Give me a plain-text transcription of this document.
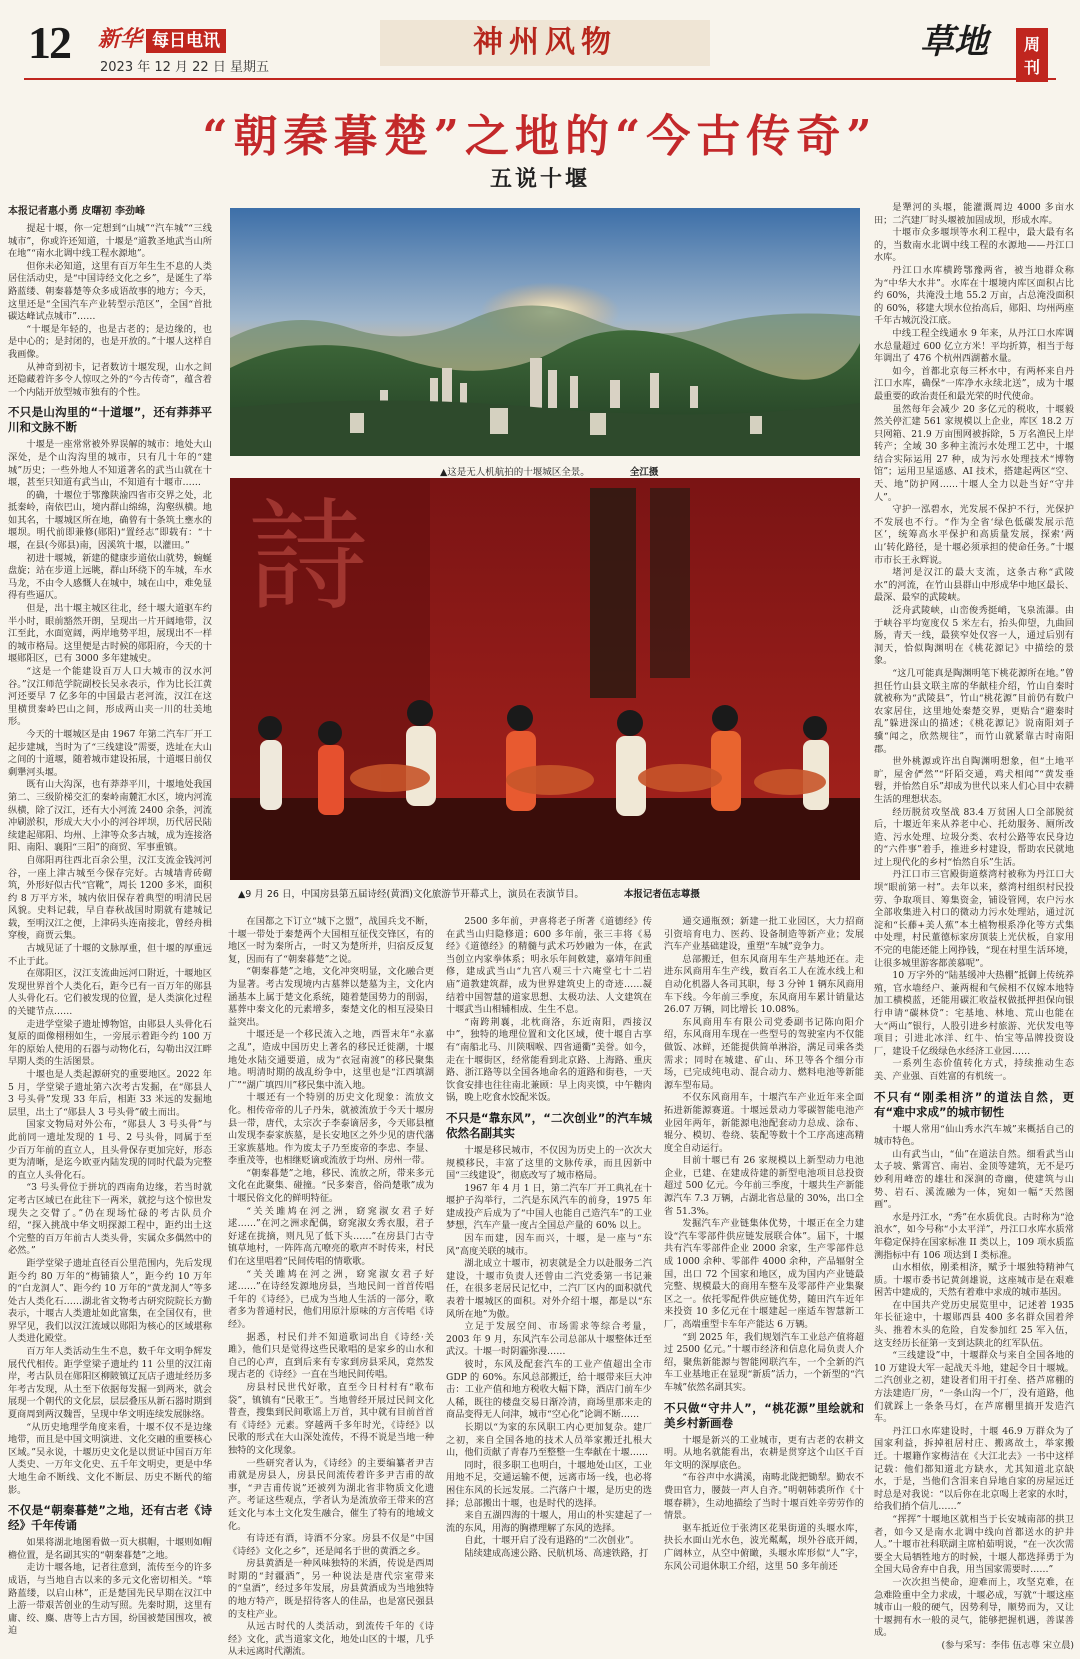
12 新华 每日电讯
2023 年 12 月 22 日 星期五
神州风物	草地	周刊
“朝秦暮楚”之地的“今古传奇”
五说十堰
本报记者惠小勇 皮曙初 李劲峰

提起十堰，你一定想到“山城”“汽车城”“三线城市”，你或许还知道，十堰是“道教圣地武当山所在地”“南水北调中线工程水源地”。

但你未必知道，这里有百万年生生不息的人类居住活动史，是“中国诗经文化之乡”，是诞生了举路蓝缕、朝秦暮楚等众多成语故事的地方；今天，这里还是“全国汽车产业转型示范区”，全国“首批碳达峰试点城市”……

“十堰是年轻的，也是古老的；是边缘的，也是中心的；是封闭的，也是开放的。”十堰人这样自我画像。

从神奇到初卡，记者数访十堰发现，山水之间还隐藏着许多令人惊叹之外的“今古传奇”，蕴含着一个内陆开放型城市独有的个性。

不只是山沟里的“十道堰”，还有莽莽平川和文脉不断

十堰是一座常常被外界误解的城市：地处大山深处，是个山沟沟里的城市，只有几十年的“建城”历史；一些外地人不知道著名的武当山就在十堰，甚至只知道有武当山，不知道有十堰市……

的确，十堰位于鄂豫陕渝四省市交界之处，北抵秦岭，南依巴山，境内群山绵绵，沟壑纵横。地如其名，十堰城区所在地，确曾有十条筑土壅水的堰坝。明代前即兼修(郧阳)“置经志”即载有：“十堰，在县(今郧县)南，因溪筑十堰，以灌田。”

初进十堰城，新建的健康步道依山就势，蜿蜒盘旋；站在步道上远眺，群山环绕下的车城，车水马龙，不由令人感慨人在城中，城在山中，难免显得有些逼仄。

但是，出十堰主城区往北，经十堰大道驱车约半小时，眼前豁然开朗，呈现出一片开阔地带，汉江至此，水面宽阔，两岸地势平坦，展现出不一样的城市格局。这里便是古时候的郧阳府，今天的十堰郧阳区，已有 3000 多年建城史。

“这是一个能建设百万人口大城市的汉水河谷。”汉江师范学院副校长吴永表示，作为比长江黄河还要早 7 亿多年的中国最古老河流，汉江在这里横贯秦岭巴山之间，形成两山夹一川的壮美地形。

今天的十堰城区是由 1967 年第二汽车厂开工起步建城，当时为了“三线建设”需要，选址在大山之间的十道堰，随着城市建设拓展，十道堰日前仅剩犟河头堰。

既有山大沟深，也有莽莽平川，十堰地处我国第二、三级阶梯交汇的秦岭南麓汇水区，境内河流纵横，除了汉江，还有大小河流 2400 余条，河流冲刷淤积，形成大大小小的河谷坪坝，历代居民陆续建起郧阳、均州、上津等众多古城，成为连接洛阳、南阳、襄阳“三阳”的商贸、军事重镇。

自郧阳再往西北百余公里，汉江支流金钱河河谷，一座上津古城至今保存完好。古城墙青砖砌筑，外形好似古代“官靴”，周长 1200 多米，面积约 8 万平方米，城内依旧保存着典型的明清民居风貌。史料记载，早自春秋战国时期就有建城记载，至明汉江之便，上津码头连南接北，曾经舟楫穿梭，商贾云集。

古城见证了十堰的文脉厚重，但十堰的厚重远不止于此。

在郧阳区，汉江支流曲远河口附近，十堰地区发现世界首个人类化石，距今已有一百万年的郧县人头骨化石。它们被发现的位置，是人类演化过程的关键节点……

走进学堂梁子遗址博物馆，由郧县人头骨化石复原的面像栩栩如生，一旁展示着距今约 100 万年的原始人使用的石器与动物化石，勾勒出汉江畔早期人类的生活图景。

十堰也是人类起源研究的重要地区。2022 年 5 月，学堂梁子遗址第六次考古发掘，在“郧县人 3 号头骨”发现 33 年后，相距 33 米远的发掘地层里，出土了“郧县人 3 号头骨”破土而出。

国家文物局对外公布，“郧县人 3 号头骨”与此前同一遗址发现的 1 号、2 号头骨，同属于至少百万年前的直立人，且头骨保存更加完好，形态更为清晰，是迄今欧亚内陆发现的同时代最为完整的直立人头骨化石。

“3 号头骨位于拼坑的西南角边缘，若当时就定考古区域已在此往下一两米，就挖与这个惊世发现失之交臂了。”仍在现场忙碌的考古队员介绍，“探入挑战中华文明探源工程中，距约出土这个完整的百万年前古人类头骨，实属众多偶然中的必然。”

距学堂梁子遗址直径百公里范围内，先后发现距今约 80 万年的“梅铺猿人”，距今约 10 万年的“白龙洞人”、距今约 10 万年的“黄龙洞人”等多处古人类化石……湖北省文物考古研究院院长方勤表示，十堰古人类遗址如此富集，在全国仅有，世界罕见，我们以汉江流域以郧阳为核心的区域堪称人类进化殿堂。

百万年人类活动生生不息，数千年文明争辉发展代代相传。距学堂梁子遗址约 11 公里的汉江南岸，考古队员在郧阳区柳陂镇辽瓦店子遗址经历多年考古发现，从土至下依据每发掘一到两米，就会展现一个朝代的文化层，层层叠压从新石器时期到夏商周到两汉魏晋，呈现中华文明连续发展脉络。

“从历史地理学角度来看，十堰不仅不是边缘地带，而且是中国文明演进、文化交融的重要核心区域。”吴永说，十堰历史文化是以贯证中国百万年人类史、一万年文化史、五千年文明史，更是中华大地生命不断线、文化不断层、历史不断代的缩影。

不仅是“朝秦暮楚”之地，还有古老《诗经》千年传诵

如果将湖北地图看做一页大棋帽，十堰则如帽檐位置，是名副其实的“朝秦暮楚”之地。

走访十堰各地，记者往意到，流传至今的许多成语，与当地自古以来的多元文化密切相关。“筚路蓝缕，以启山林”，正是楚国先民早期在汉江中上游一带艰苦创业的生动写照。先秦时期，这里有庸、绞、麋、唐等上古方国，纷国被楚国围攻，被迫

▲这是无人机航拍的十堰城区全景。	全江摄
詩
▲9 月 26 日，中国房县第五届诗经(黄酒)文化旅游节开幕式上，演员在表演节目。	本报记者伍志尊摄

在国都之下订立“城下之盟”，战国兵戈不断，十堰一带处于秦楚两个大国相互征伐交锋区，有的地区一时为秦所占，一时又为楚所并，归宿反反复复，因而有了“朝秦暮楚”之说。

“朝秦暮楚”之地，文化冲突明显，文化融合更为显著。考古发现境内古墓葬以楚墓为主，文化内涵基本上属于楚文化系统，随着楚国势力的削弱，墓葬中秦文化的元素增多，秦楚文化的相互浸染日益突出。

十堰还是一个移民流入之地，西晋末年“永嘉之乱”，造成中国历史上著名的移民迁徙潮，十堰地处水陆交通要道，成为“衣冠南渡”的移民聚集地。明清时期的战乱纷争中，这里也是“江西填湖广”“湖广填四川”移民集中流入地。

十堰还有一个特别的历史文化现象：流放文化。相传帝帝的儿子丹朱，就被流放于今天十堰房县一带，唐代，太宗次子李泰谪居多，今天郧县檀山发现李泰家族墓，是长安地区之外少见的唐代藩王家族墓地。作为废太子乃至废帝的李忠、李显、李重茂等，也相继贬谪或流放于均州、房州一带。

“朝秦暮楚”之地，移民、流放之所，带来多元文化在此聚集、碰撞。“民多秦音，俗尚楚歌”成为十堰民俗文化的鲜明特征。

“关关雎鸠在河之洲，窈窕淑女君子好逑……”在河之洲求配偶，窈窕淑女秀衣服，君子好逑在拢摘，则凡见了低下头……”在房县门古寺镇草地村，一阵阵高亢嘹亮的歌声不时传来，村民们在这里唱着“民间传唱的情歌歌。

“关关雎鸠在河之洲，窈窕淑女君子好逑……”在诗经发源地房县，当地民间一首首传唱千年的《诗经》，已成为当地人生活的一部分，歌者多为普通村民，他们用原汁原味的方言传唱《诗经》。

据悉，村民们并不知道歌词出自《诗经·关雎》，他们只是觉得这些民歌唱的是家乡的山水和自己的心声，直到后来有专家到房县采风，竟然发现古老的《诗经》一直在当地民间传唱。

房县村民世代好歌，直至今日村村有“歌布袋”，镇镇有“民歌王”。当地曾经开展过民间文化普查，搜集到民间歌谣上万首，其中就有目前首首有《诗经》元素。穿越两千多年时光，《诗经》以民歌的形式在大山深处流传，不得不说是当地一种独特的文化现象。

一些研究者认为，《诗经》的主要编纂者尹吉甫就是房县人，房县民间流传着许多尹吉甫的故事，“尹吉甫传说”还被列为湖北省非物质文化遗产。考证这些观点，学者认为是流放帝王带来的宫廷文化与本土文化发生融合，催生了特有的地域文化。

有诗还有酒，诗酒不分家。房县不仅是“中国《诗经》文化之乡”，还是闻名于世的黄酒之乡。

房县黄酒是一种风味独特的米酒，传说是西周时期的“封疆酒”，另一种说法是唐代宗室带来的“皇酒”，经过多年发展，房县黄酒成为当地独特的地方特产，既是招待客人的佳品，也是富民强县的支柱产业。

从远古时代的人类活动，到流传千年的《诗经》文化，武当道家文化，地处山区的十堰，几乎从未远离时代潮流。

2500 多年前，尹喜将老子所著《道德经》传在武当山归隐修道；600 多年前，张三丰将《易经》《道德经》的精髓与武术巧妙融为一体，在武当创立内家拳体系；明永乐年间敕建，嘉靖年间重修，建成武当山“九宫八观三十六庵堂七十二岩庙”道教建筑群，成为世界建筑史上的奇迹……凝结着中国智慧的道家思想、太极功法、人文建筑在十堰武当山相辅相成、生生不息。

“南跨荆襄，北枕商洛，东近南阳，西接汉中”，独特的地理位置和文化区域，使十堰自古享有“南船北马、川陕咽喉、四省通衢”美誉。如今，走在十堰街区，经常能看到北京路、上海路、重庆路、浙江路等以全国各地命名的道路和街巷，一天饮食安排也往往南北兼顾：早上肉夹馍，中午糖肉锅，晚上吃食水饺配米饭。

不只是“靠东风”，“二次创业”的汽车城依然名副其实

十堰是移民城市，不仅因为历史上的一次次大规模移民，丰富了这里的文脉传承，而且因新中国“三线建设”，彻底改写了城市格局。

1967 年 4 月 1 日，第二汽车厂开工典礼在十堰护子沟举行，二汽是东风汽车的前身，1975 年建成投产后成为了“中国人也能自己造汽车”的工业梦想，汽车产量一度占全国总产量的 60% 以上。

因车而建，因车而兴，十堰，是一座与“东风”高度关联的城市。

湖北成立十堰市，初衷就是全力以赴服务二汽建设，十堰市负责人还曾由二汽党委第一书记兼任，在很多老居民记忆中，二汽厂区内的面积就代表着十堰城区的面积。对外介绍十堰，都是以“东风所在地”为傲。

立足于发展空间、市场需求等综合考量，2003 年 9 月，东风汽车公司总部从十堰整体迁至武汉。十堰一时阴霾弥漫……

彼时，东风及配套汽车的工业产值超出全市 GDP 的 60%。东风总部搬迁，给十堰带来巨大冲击：工业产值和地方税收大幅下降，酒店门前车少人稀，既往的楼盘交易日渐冷清，商场里那来走的商品变得无人问津，城市“空心化”论调不断……

长期以“为家的东风职工内心更加复杂。建厂之初，来自全国各地的技术人员举家搬迁扎根大山，他们贡献了青春乃至整整一生奉献在十堰……

同时，很多职工也明白，十堰地处山区，工业用地不足，交通运输不便，远离市场一线，也必将困住东风的长远发展。二汽落户十堰，是历史的选择；总部搬出十堰，也是时代的选择。

来自五湖四海的十堰人，用山的朴实建起了一流的东风，用海的胸襟理解了东风的选择。

自此，十堰开启了没有退路的“二次创业”。

陆续建成高速公路、民航机场、高速铁路，打

通交通瓶颈；新建一批工业园区，大力招商引资培育电力、医药、设备制造等新产业；发展汽车产业基础建设，重塑“车城”竞争力。

总部搬迁，但东风商用车生产基地还在。走进东风商用车生产线，数百名工人在流水线上和自动化机器人各司其职，每 3 分钟 1 辆东风商用车下线。今年前三季度，东风商用车累计销量达 26.07 万辆，同比增长 10.08%。

东风商用车有限公司党委副书记陈向阳介绍，东风商用车现在一些型号的驾驶室内不仅能做饭、冰鲜，还能提供简单淋浴，满足司乘各类需求；同时在城建、矿山、环卫等各个细分市场，已完成纯电动、混合动力、燃料电池等新能源车型布局。

不仅东风商用车，十堰汽车产业近年来全面拓进新能源赛道。十堰远景动力零碳智能电池产业园年两年，新能源电池配套动力总成、涂布、辊分、模切、卷绕、装配等数十个工序高速高精度全自动运行。

目前十堰已有 26 家规模以上新型动力电池企业，已建、在建成待建的新型电池项目总投资超过 500 亿元。今年前三季度，十堰共生产新能源汽车 7.3 万辆，占湖北省总量的 30%，出口全省 51.3%。

发掘汽车产业链集体优势，十堰正在全力建设“汽车零部件供应链发展联合体”。届下，十堰共有汽车零部件企业 2000 余家，生产零部件总成 1000 余种、零部件 4000 余种，产品辐射全国，出口 72 个国家和地区，成为国内产业链最完整、规模最大的商用车整车及零部件产业集聚区之一。依托零配件供应链优势，随田汽车近年来投资 10 多亿元在十堰建起一座适车智慧新工厂，高端重型卡车年产能达 6 万辆。

“到 2025 年，我们规划汽车工业总产值将超过 2500 亿元。”十堰市经济和信息化局负责人介绍，聚焦新能源与智能网联汽车，一个全新的汽车工业基地正在显现“新质”活力，一个新型的“汽车城”依然名副其实。

不只做“守井人”，“桃花源”里绘就和美乡村新画卷

十堰是新兴的工业城市，更有古老的农耕文明。从地名就能看出，农耕是贯穿这个山区千百年文明的深厚底色。

“布谷声中水满溪，南畴北陇把锄犁。勤农不费田官力，腰鼓一声人自齐。”明朝韩裘所作《十堰春耕》，生动地描绘了当时十堰百姓辛劳劳作的情景。

驱车抵近位于张湾区花果街道的头堰水库，抉长水面山光水色，波光粼粼，坝外谷底开阔，广阔林立，从空中俯瞰，头堰水库形似“人”字，东风公司退休职工介绍，这里 50 多年前还

是犟河的头堰，能灌溉周边 4000 多亩水田；二汽建厂时头堰被加固成坝，形成水库。

十堰市众多堰坝等水利工程中，最大最有名的，当数南水北调中线工程的水源地——丹江口水库。

丹江口水库横跨鄂豫两省，被当地群众称为“中华大水井”。水库在十堰境内库区面积占比约 60%，共淹没土地 55.2 万亩，占总淹没面积的 60%，移建大坝水位抬高后，郧阳、均州两座千年古城沉没江底。

中线工程全线通水 9 年来，从丹江口水库调水总量超过 600 亿立方米！平均折算，相当于每年调出了 476 个杭州西湖蓄水量。

如今，首都北京每三杯水中，有两杯来自丹江口水库，确保“一库净水永续北送”，成为十堰最重要的政治责任和最光荣的时代使命。

虽然每年会减少 20 多亿元的税收，十堰毅然关停汇建 561 家规模以上企业，库区 18.2 万只网箱、21.9 万亩围网被拆除，5 万名渔民上岸转产；全域 30 多种主流污水处理工艺中，十堰结合实际运用 27 种，成为污水处理技术“博物馆”；运用卫星遥感、AI 技术，搭建起两区“空、天、地”防护网……十堰人全力以赴当好“守井人”。

守护一泓碧水，光发展不保护不行，光保护不发展也不行。“作为全省‘绿色低碳发展示范区’，统筹高水平保护和高质量发展，探索‘两山’转化路径，是十堰必须承担的使命任务。”十堰市市长王永辉说。

堵河是汉江的最大支流，这条古称“武陵水”的河流，在竹山县群山中形成华中地区最长、最深、最窄的武陵峡。

泛舟武陵峡，山峦俊秀挺峭，飞泉流瀑。由于峡谷平均宽度仅 5 米左右，抬头仰望，九曲回肠，青天一线，最狭窄处仅容一人，通过后别有洞天，恰似陶渊明在《桃花源记》中描绘的景象。

“这几可能真是陶渊明笔下桃花源所在地。”曾担任竹山县文联主席的华献桂介绍，竹山自秦时就被称为“武陵县”，竹山“桃花源”目前仍有数户农家居住，这里地处秦楚交界，更贴合“避秦时乱”躲进深山的描述；《桃花源记》说南阳刘子骥“闻之，欣然规往”，而竹山就紧靠古时南阳郡。

世外桃源或许出自陶渊明想象，但“土地平旷，屋舍俨然”“阡陌交通，鸡犬相闻”“黄发垂髫，并怡然自乐”却成为世代以来人们心目中农耕生活的理想状态。

经历脱贫攻坚战 83.4 万贫困人口全部脱贫后，十堰近年来从养老中心、托幼服务、厕所改造、污水处理、垃圾分类、农村公路等农民身边的“六件事”着手，推进乡村建设，帮助农民就地过上现代化的乡村“怡然自乐”生活。

丹江口市三官殿街道蔡湾村被称为丹江口大坝“眼前第一村”。去年以来，蔡湾村组织村民投劳、争取项目、筹集资金，铺设管网，农户污水全部收集进入村口的微动力污水处理站，通过沉淀和“长藤+美人蕉”本土植物根系净化等方式集中处理，村民董德标家房顶装上光伏板，自家用不完的电能还能上网挣钱，“现在村里生活环境，让很多城里游客都羡慕呢”。

10 万字外的“陆基缓冲大热棚”抵御上传统养殖，官水墙经户、兼两棍和气候相不仅嫁本地特加工横模蓝，还能用碳汇收益权做抵押担保向银行申请“碳林贷”：宅基地、林地、荒山也能在大“两山”银行，人股引进乡村旅游、光伏发电等项目；引进北冰洋、红牛、怡宝等品牌投资设厂，建设千亿级绿色水经济工业园……

一系列生态价值转化方式，持续推动生态美、产业强、百姓富的有机统一。

不只有“刚柔相济”的道法自然，更有“难中求成”的城市韧性

十堰人常用“仙山秀水汽车城”来概括自己的城市特色。

山有武当山，“仙”在道法自然。细看武当山太子坡、紫霄宫、南岩、金顶等建筑，无不是巧妙利用峰峦的雄壮和深涧的奇幽，使建筑与山势、岩石、溪流融为一体，宛如一幅“天然图画”。

水是丹江水，“秀”在水质优良。古时称为“沧浪水”，如今号称“小太平洋”，丹江口水库水质常年稳定保持在国家标准 II 类以上，109 项水质监测指标中有 106 项达到 I 类标准。

山水相依，刚柔相济，赋予十堰独特精神气质。十堰市委书记黄剑雄说，这座城市是在艰难困苦中建成的，天然有着难中求成的城市基因。

在中国共产党历史展览里中，记述着 1935 年长征途中，十堰郧西县 400 多名群众国着斧头、推着木头的危险，自发参加红 25 军入伍，这支经历长征第一支到达陕北的红军队伍。

“三线建设”中，十堰群众与来自全国各地的 10 万建设大军一起战天斗地，建起令日十堰城。二汽创业之初，建设者们用干打垒、搭芦席棚的方法建造厂房，“一条山沟一个厂，没有道路，他们就踩上一条条马灯，在芦席棚里搞开发造汽车。

丹江口水库建设时，十堰 46.9 万群众为了国家利益，拆掉祖居村庄、搬离故土，举家搬迁。十堰籍作家梅洁在《大江北去》一书中这样记载：他们都知道北方缺水，尤其知道北京缺水，于是，当他们含泪来自异地自家的房屋远迁时总是对我说：“以后你在北京喝上老家的水时，给我们捎个信儿……”

“挥挥”十堰地区就相当于长安城南部的拱卫者，如今又是南水北调中线向首都送水的护井人。”十堰市社科联副主席柏茹明说，“在一次次需要全大局牺牲地方的时候，十堰人都选择勇于为全国大局舍弃中自我，用当国家需要时……”

一次次担当使命，迎难而上，攻坚克难，在急难险重中全力求成，十堰必成，写就“十堰这座城市山一般的硬气，因势利导，顺势而为，又让十堰拥有水一般的灵气，能够把握机遇，善谋善成。

(参与采写：李伟 伍志尊 宋立晨)
